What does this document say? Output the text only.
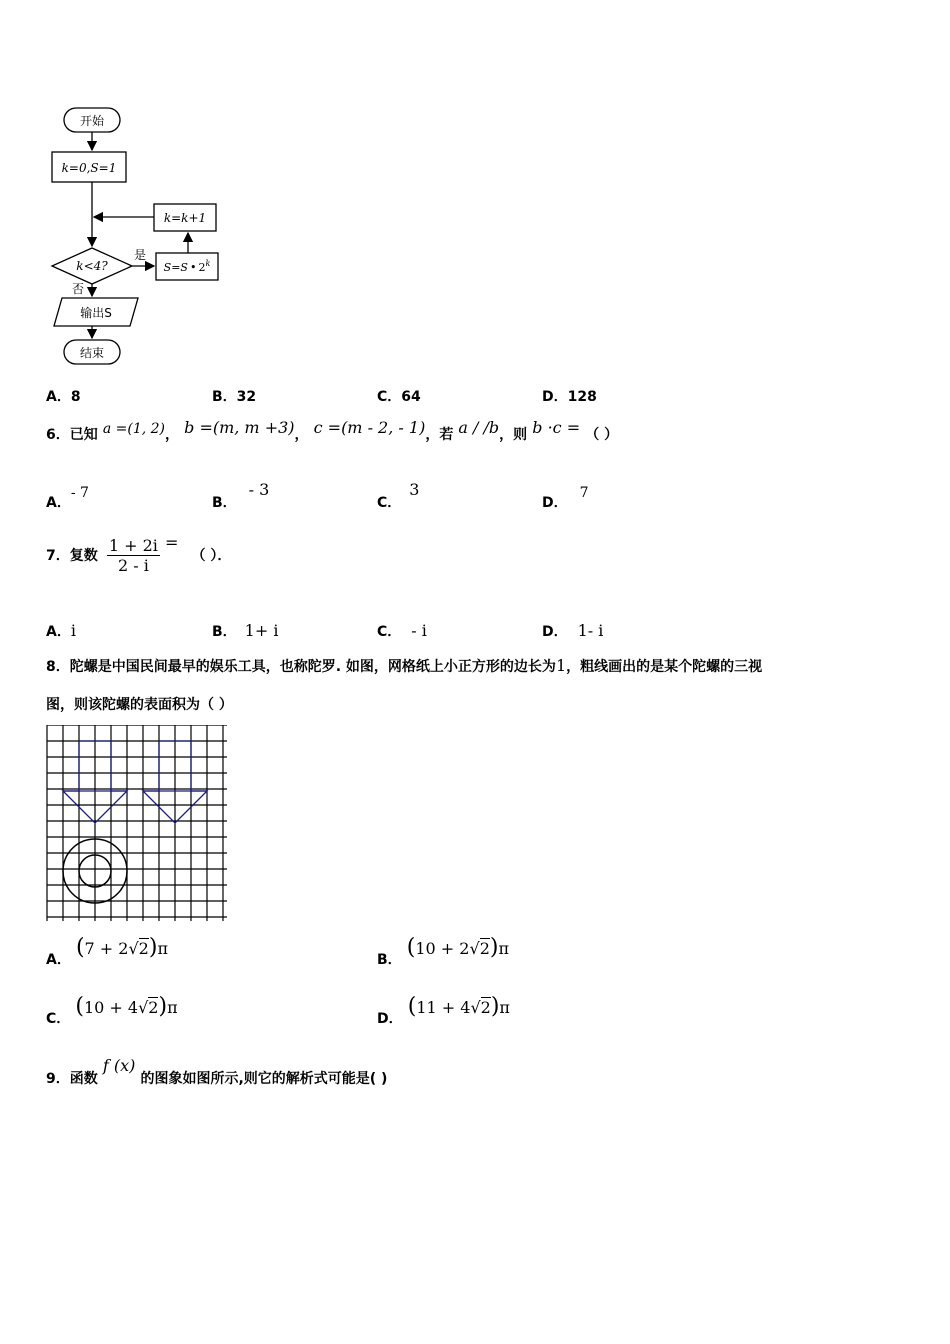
开始
k=0,S=1
k=k+1
k<4?
是
否
S=S • 2$^k$
输出S
结束
A．8	B．32	C．64	D．128
6．已知 a =(1, 2)， b =(m, m +3)， c =(m - 2, - 1)，若 a / /b，则 b ·c = （ ）
A．- 7
B．- 3
C．3
D．7
7．复数 $\frac{1 + 2i}{2 - i}$ = （ ）．
A．i	B． 1+ i	C． - i	D． 1- i
8．陀螺是中国民间最早的娱乐工具，也称陀罗. 如图，网格纸上小正方形的边长为1，粗线画出的是某个陀螺的三视
图，则该陀螺的表面积为（ ）
A． (7 + 2√2)π
B． (10 + 2√2)π
C． (10 + 4√2)π
D． (11 + 4√2)π
9．函数 f (x) 的图象如图所示,则它的解析式可能是( )
